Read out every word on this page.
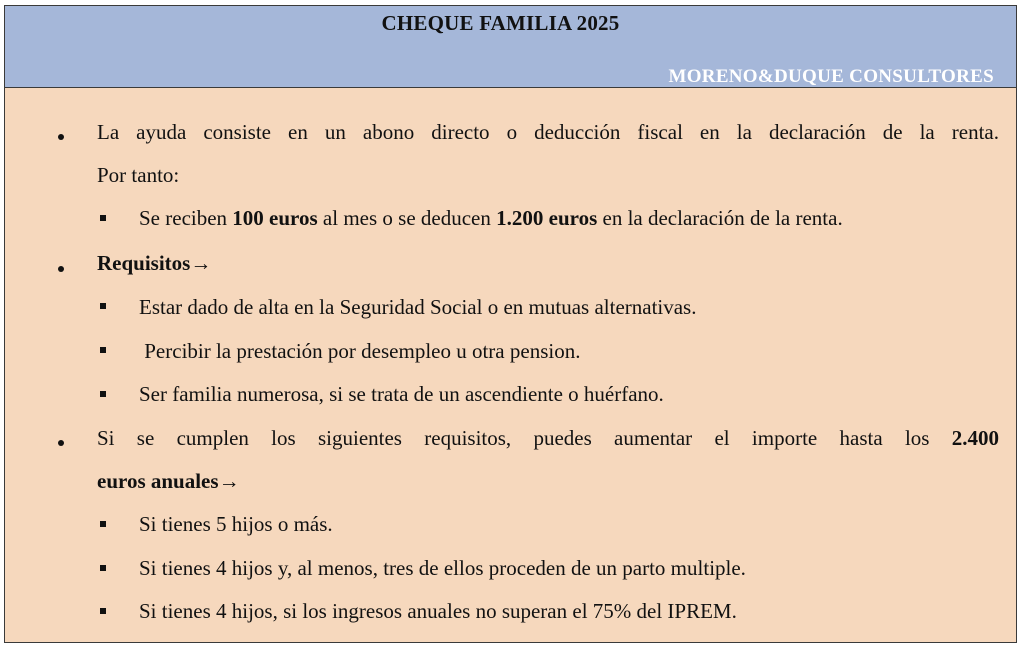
CHEQUE FAMILIA 2025
MORENO&DUQUE CONSULTORES
La ayuda consiste en un abono directo o deducción fiscal en la declaración de la renta.
Por tanto:
Se reciben 100 euros al mes o se deducen 1.200 euros en la declaración de la renta.
Requisitos→
Estar dado de alta en la Seguridad Social o en mutuas alternativas.
Percibir la prestación por desempleo u otra pension.
Ser familia numerosa, si se trata de un ascendiente o huérfano.
Si se cumplen los siguientes requisitos, puedes aumentar el importe hasta los 2.400
euros anuales→
Si tienes 5 hijos o más.
Si tienes 4 hijos y, al menos, tres de ellos proceden de un parto multiple.
Si tienes 4 hijos, si los ingresos anuales no superan el 75% del IPREM.
